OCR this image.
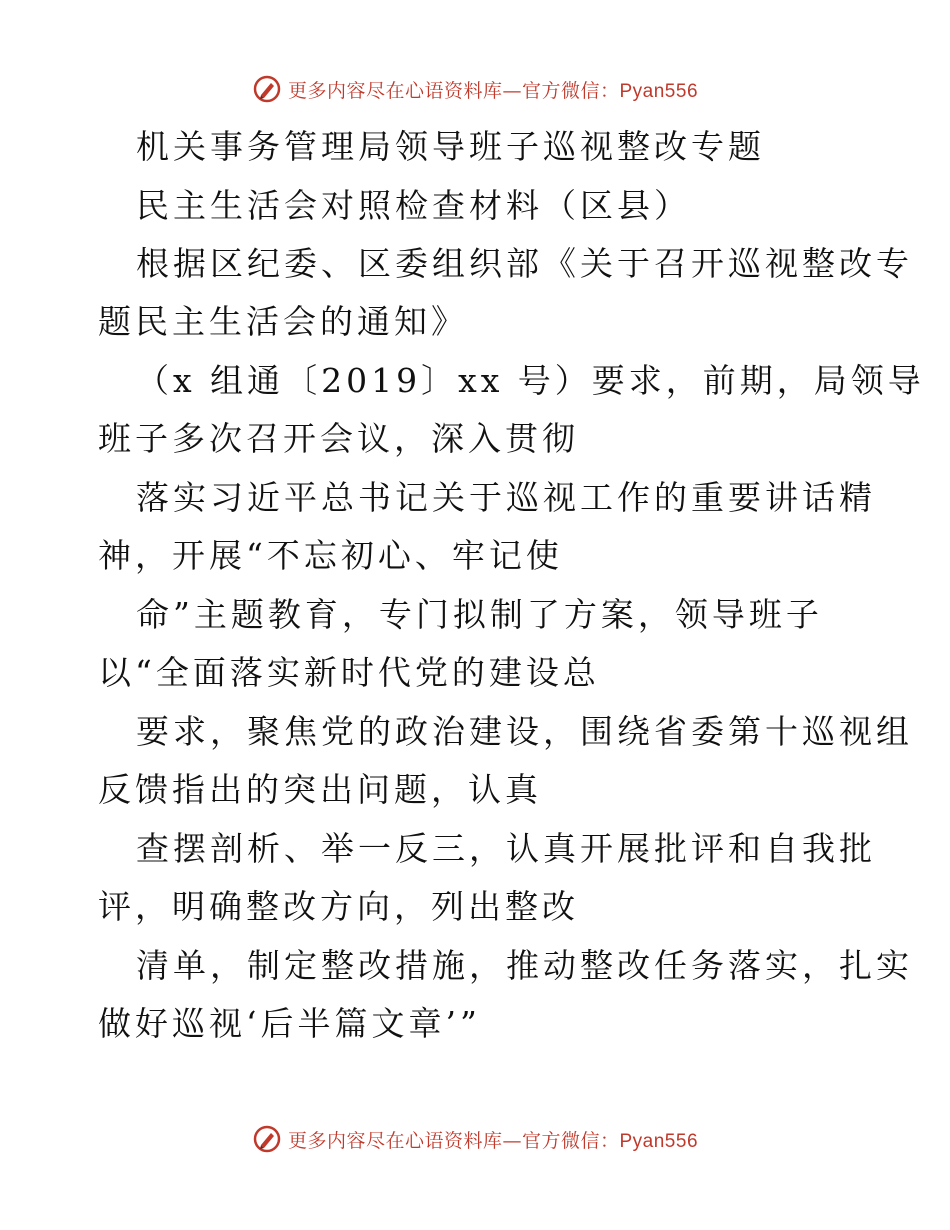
更多内容尽在心语资料库—官方微信：Pyan556
机关事务管理局领导班子巡视整改专题
民主生活会对照检查材料（区县）
根据区纪委、区委组织部《关于召开巡视整改专
题民主生活会的通知》
（x 组通〔2019〕xx 号）要求，前期，局领导
班子多次召开会议，深入贯彻
落实习近平总书记关于巡视工作的重要讲话精
神，开展“不忘初心、牢记使
命”主题教育，专门拟制了方案，领导班子
以“全面落实新时代党的建设总
要求，聚焦党的政治建设，围绕省委第十巡视组
反馈指出的突出问题，认真
查摆剖析、举一反三，认真开展批评和自我批
评，明确整改方向，列出整改
清单，制定整改措施，推动整改任务落实，扎实
做好巡视‘后半篇文章’”
更多内容尽在心语资料库—官方微信：Pyan556
